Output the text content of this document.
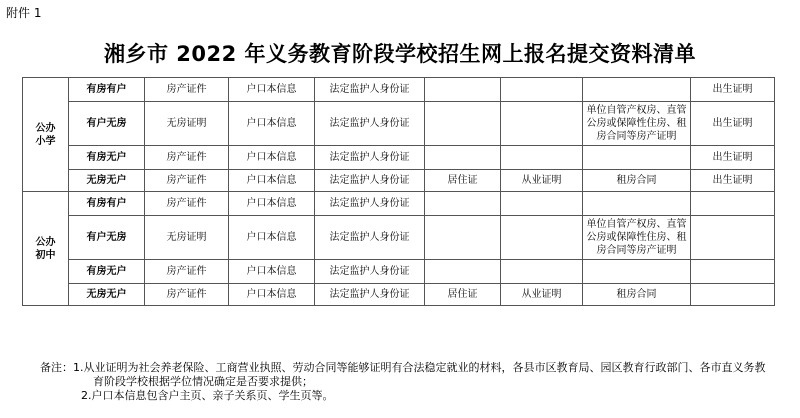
附件 1
湘乡市 2022 年义务教育阶段学校招生网上报名提交资料清单
公办
小学	有房有户	房产证件	户口本信息	法定监护人身份证				出生证明
	有户无房	无房证明	户口本信息	法定监护人身份证			单位自管产权房、直管公房或保障性住房、租房合同等房产证明	出生证明
	有房无户	房产证件	户口本信息	法定监护人身份证				出生证明
	无房无户	房产证件	户口本信息	法定监护人身份证	居住证	从业证明	租房合同	出生证明
公办
初中	有房有户	房产证件	户口本信息	法定监护人身份证				
	有户无房	无房证明	户口本信息	法定监护人身份证			单位自管产权房、直管公房或保障性住房、租房合同等房产证明	
	有房无户	房产证件	户口本信息	法定监护人身份证				
	无房无户	房产证件	户口本信息	法定监护人身份证	居住证	从业证明	租房合同	
备注：1.从业证明为社会养老保险、工商营业执照、劳动合同等能够证明有合法稳定就业的材料，各县市区教育局、园区教育行政部门、各市直义务教
育阶段学校根据学位情况确定是否要求提供；
2.户口本信息包含户主页、亲子关系页、学生页等。
